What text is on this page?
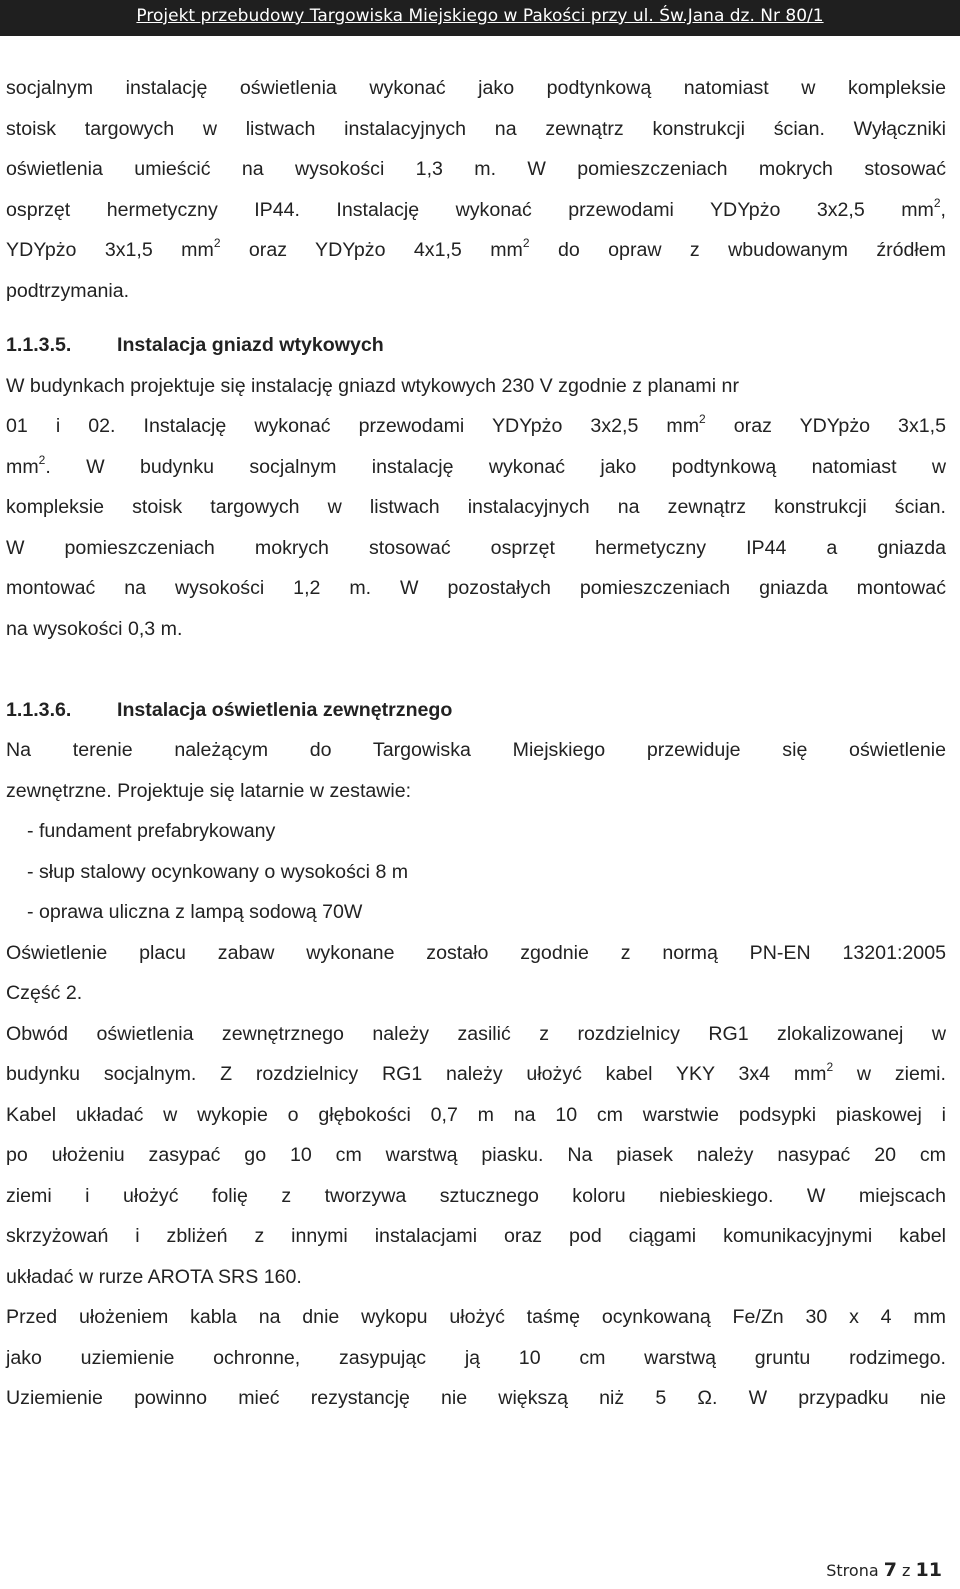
Projekt przebudowy Targowiska Miejskiego w Pakości przy ul. Św.Jana dz. Nr 80/1
socjalnym instalację oświetlenia wykonać jako podtynkową natomiast w kompleksie
stoisk targowych w listwach instalacyjnych na zewnątrz konstrukcji ścian. Wyłączniki
oświetlenia umieścić na wysokości 1,3 m. W pomieszczeniach mokrych stosować
osprzęt hermetyczny IP44. Instalację wykonać przewodami YDYpżo 3x2,5 $mm^2$,
YDYpżo 3x1,5 $mm^2$ oraz YDYpżo 4x1,5 $mm^2$ do opraw z wbudowanym źródłem
podtrzymania.
1.1.3.5. Instalacja gniazd wtykowych
W budynkach projektuje się instalację gniazd wtykowych 230 V zgodnie z planami nr
01 i 02. Instalację wykonać przewodami YDYpżo 3x2,5 $mm^2$ oraz YDYpżo 3x1,5
$mm^2$. W budynku socjalnym instalację wykonać jako podtynkową natomiast w
kompleksie stoisk targowych w listwach instalacyjnych na zewnątrz konstrukcji ścian.
W pomieszczeniach mokrych stosować osprzęt hermetyczny IP44 a gniazda
montować na wysokości 1,2 m. W pozostałych pomieszczeniach gniazda montować
na wysokości 0,3 m.
1.1.3.6. Instalacja oświetlenia zewnętrznego
Na terenie należącym do Targowiska Miejskiego przewiduje się oświetlenie
zewnętrzne. Projektuje się latarnie w zestawie:
- fundament prefabrykowany
- słup stalowy ocynkowany o wysokości 8 m
- oprawa uliczna z lampą sodową 70W
Oświetlenie placu zabaw wykonane zostało zgodnie z normą PN-EN 13201:2005
Część 2.
Obwód oświetlenia zewnętrznego należy zasilić z rozdzielnicy RG1 zlokalizowanej w
budynku socjalnym. Z rozdzielnicy RG1 należy ułożyć kabel YKY 3x4 $mm^2$ w ziemi.
Kabel układać w wykopie o głębokości 0,7 m na 10 cm warstwie podsypki piaskowej i
po ułożeniu zasypać go 10 cm warstwą piasku. Na piasek należy nasypać 20 cm
ziemi i ułożyć folię z tworzywa sztucznego koloru niebieskiego. W miejscach
skrzyżowań i zbliżeń z innymi instalacjami oraz pod ciągami komunikacyjnymi kabel
układać w rurze AROTA SRS 160.
Przed ułożeniem kabla na dnie wykopu ułożyć taśmę ocynkowaną Fe/Zn 30 x 4 mm
jako uziemienie ochronne, zasypując ją 10 cm warstwą gruntu rodzimego.
Uziemienie powinno mieć rezystancję nie większą niż 5 Ω. W przypadku nie
Strona 7 z 11
